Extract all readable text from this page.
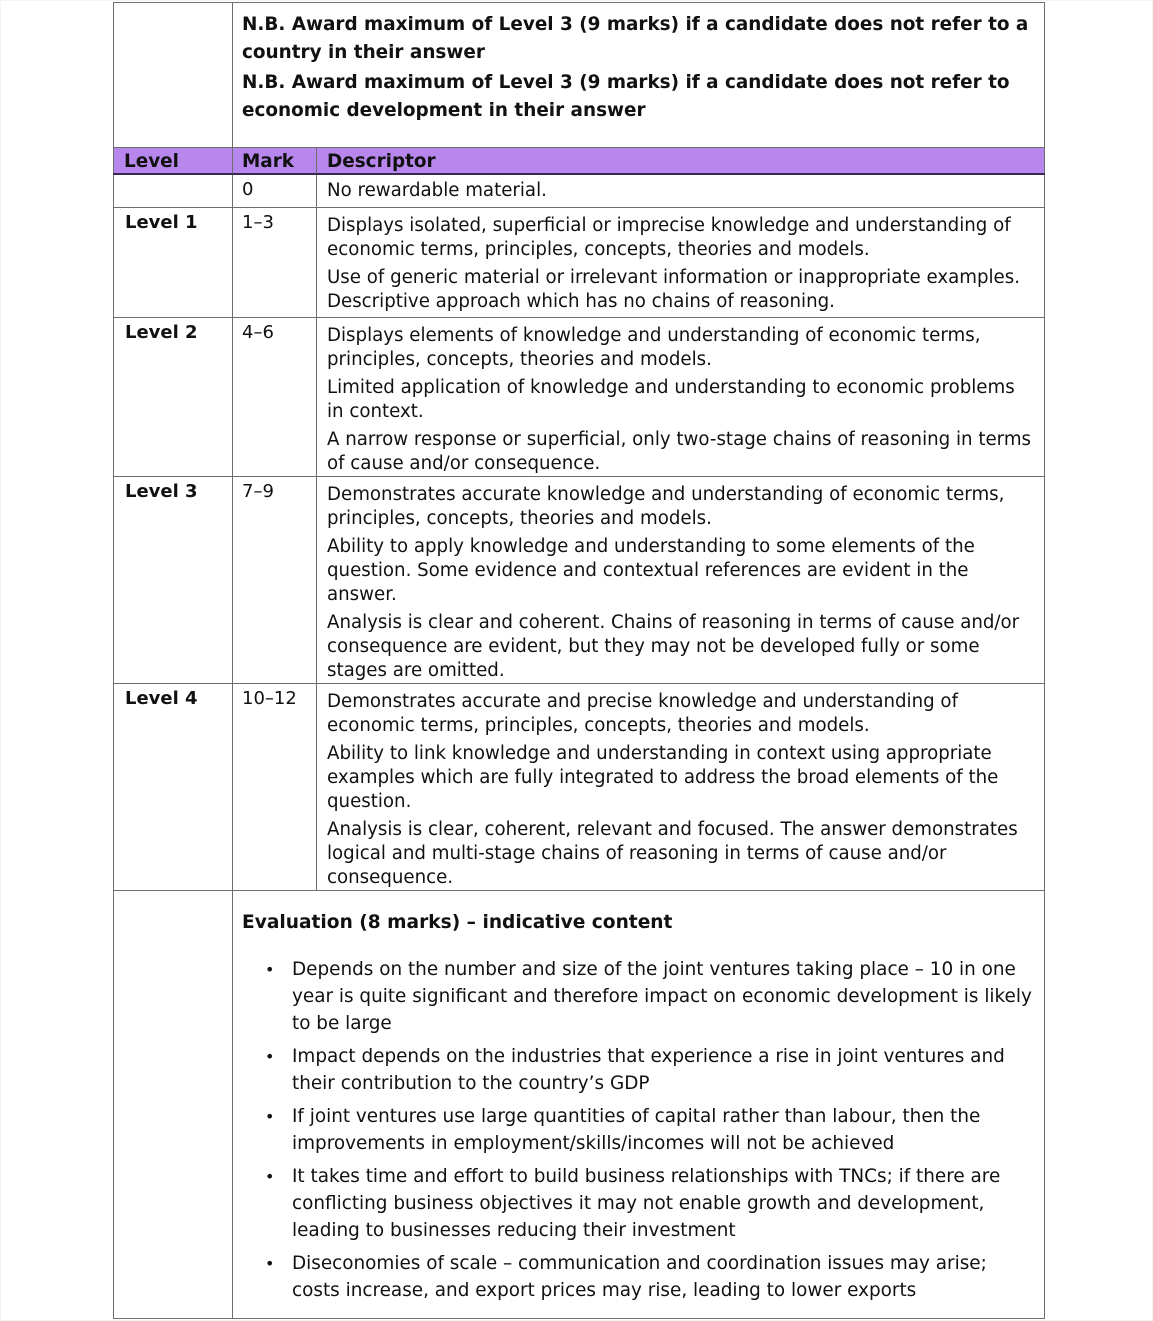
	N.B. Award maximum of Level 3 (9 marks) if a candidate does not refer to a country in their answer

N.B. Award maximum of Level 3 (9 marks) if a candidate does not refer to economic development in their answer	

Level	Mark	Descriptor

	0	No rewardable material.

Level 1	1–3	Displays isolated, superficial or imprecise knowledge and understanding of economic terms, principles, concepts, theories and models.

Use of generic material or irrelevant information or inappropriate examples. Descriptive approach which has no chains of reasoning.

Level 2	4–6	Displays elements of knowledge and understanding of economic terms, principles, concepts, theories and models.

Limited application of knowledge and understanding to economic problems in context.

A narrow response or superficial, only two-stage chains of reasoning in terms of cause and/or consequence.

Level 3	7–9	Demonstrates accurate knowledge and understanding of economic terms, principles, concepts, theories and models.

Ability to apply knowledge and understanding to some elements of the question. Some evidence and contextual references are evident in the answer.

Analysis is clear and coherent. Chains of reasoning in terms of cause and/or consequence are evident, but they may not be developed fully or some stages are omitted.

Level 4	10–12	Demonstrates accurate and precise knowledge and understanding of economic terms, principles, concepts, theories and models.

Ability to link knowledge and understanding in context using appropriate examples which are fully integrated to address the broad elements of the question.

Analysis is clear, coherent, relevant and focused. The answer demonstrates logical and multi-stage chains of reasoning in terms of cause and/or consequence.

Evaluation (8 marks) – indicative content
• Depends on the number and size of the joint ventures taking place – 10 in one year is quite significant and therefore impact on economic development is likely to be large
• Impact depends on the industries that experience a rise in joint ventures and their contribution to the country’s GDP
• If joint ventures use large quantities of capital rather than labour, then the improvements in employment/skills/incomes will not be achieved
• It takes time and effort to build business relationships with TNCs; if there are conflicting business objectives it may not enable growth and development, leading to businesses reducing their investment
• Diseconomies of scale – communication and coordination issues may arise; costs increase, and export prices may rise, leading to lower exports
